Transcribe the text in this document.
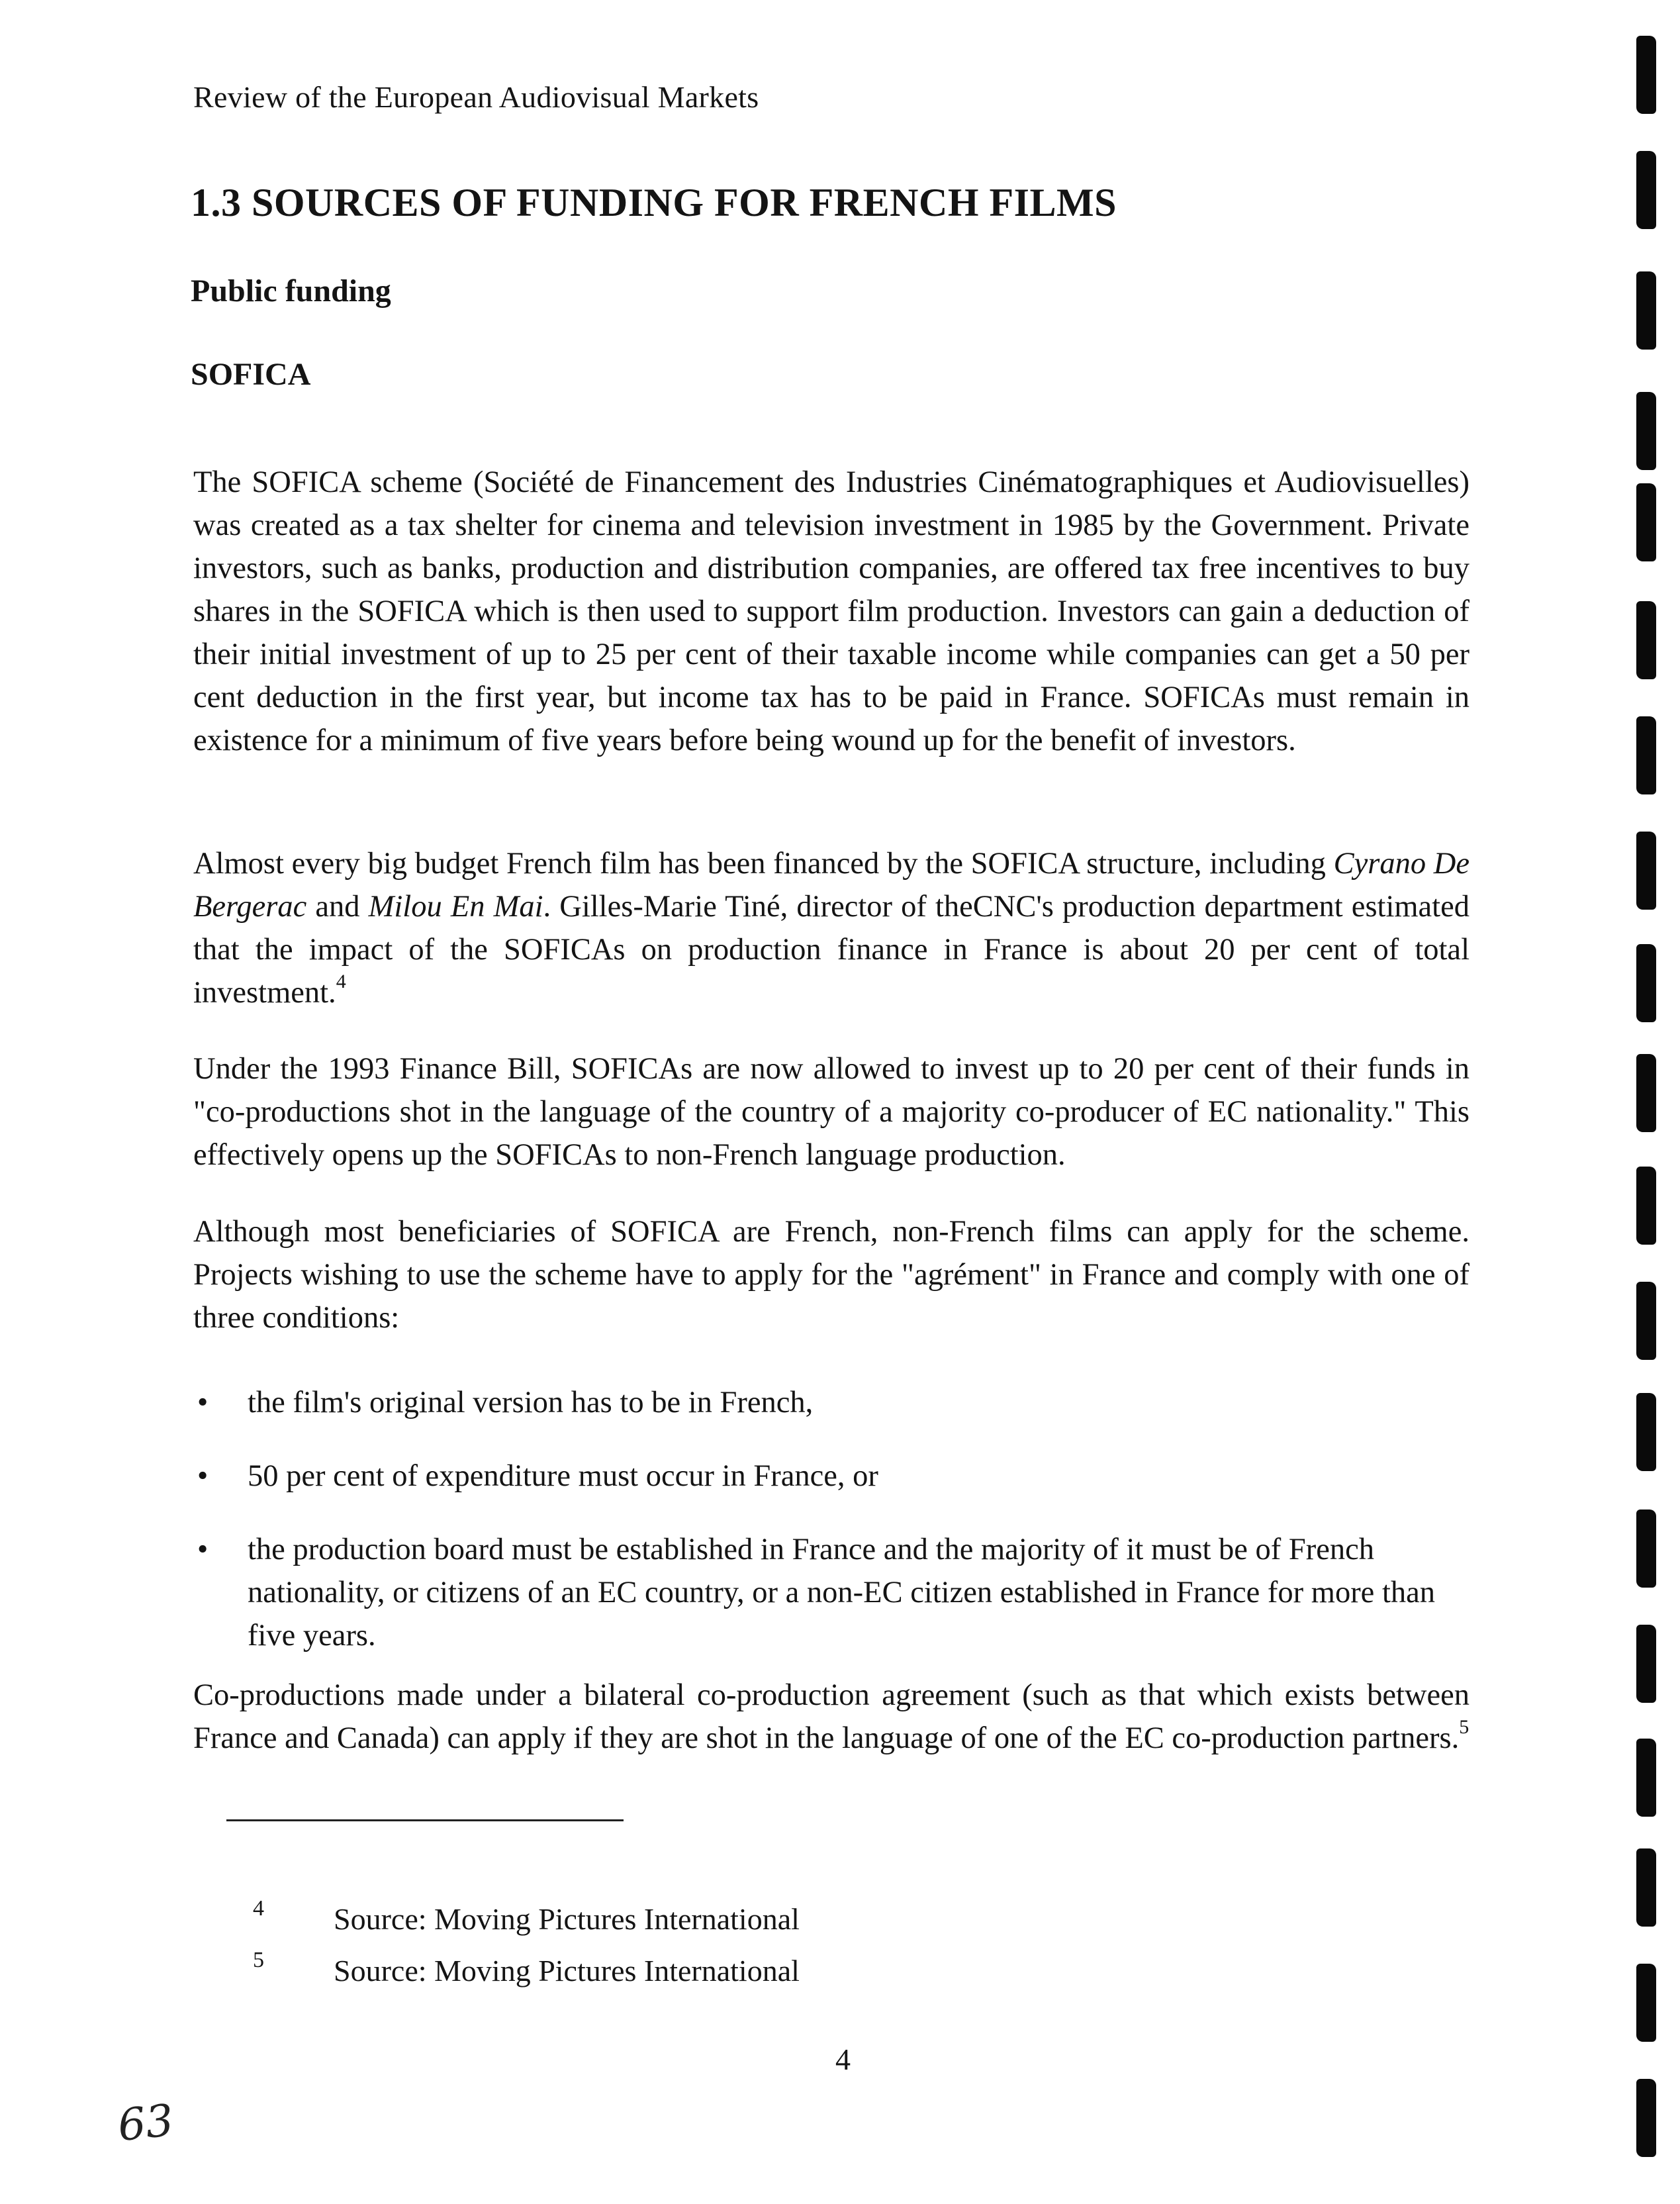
Review of the European Audiovisual Markets
1.3 SOURCES OF FUNDING FOR FRENCH FILMS
Public funding
SOFICA

The SOFICA scheme (Société de Financement des Industries Cinématographiques et Audiovisuelles) was created as a tax shelter for cinema and television investment in 1985 by the Government. Private investors, such as banks, production and distribution companies, are offered tax free incentives to buy shares in the SOFICA which is then used to support film production. Investors can gain a deduction of their initial investment of up to 25 per cent of their taxable income while companies can get a 50 per cent deduction in the first year, but income tax has to be paid in France. SOFICAs must remain in existence for a minimum of five years before being wound up for the benefit of investors.

Almost every big budget French film has been financed by the SOFICA structure, including Cyrano De Bergerac and Milou En Mai. Gilles-Marie Tiné, director of theCNC's production department estimated that the impact of the SOFICAs on production finance in France is about 20 per cent of total investment.$^4$

Under the 1993 Finance Bill, SOFICAs are now allowed to invest up to 20 per cent of their funds in "co-productions shot in the language of the country of a majority co-producer of EC nationality." This effectively opens up the SOFICAs to non-French language production.

Although most beneficiaries of SOFICA are French, non-French films can apply for the scheme. Projects wishing to use the scheme have to apply for the "agrément" in France and comply with one of three conditions:

• the film's original version has to be in French,
• 50 per cent of expenditure must occur in France, or
• the production board must be established in France and the majority of it must be of French nationality, or citizens of an EC country, or a non-EC citizen established in France for more than five years.

Co-productions made under a bilateral co-production agreement (such as that which exists between France and Canada) can apply if they are shot in the language of one of the EC co-production partners.$^5$

4	Source: Moving Pictures International
5	Source: Moving Pictures International
4
63
